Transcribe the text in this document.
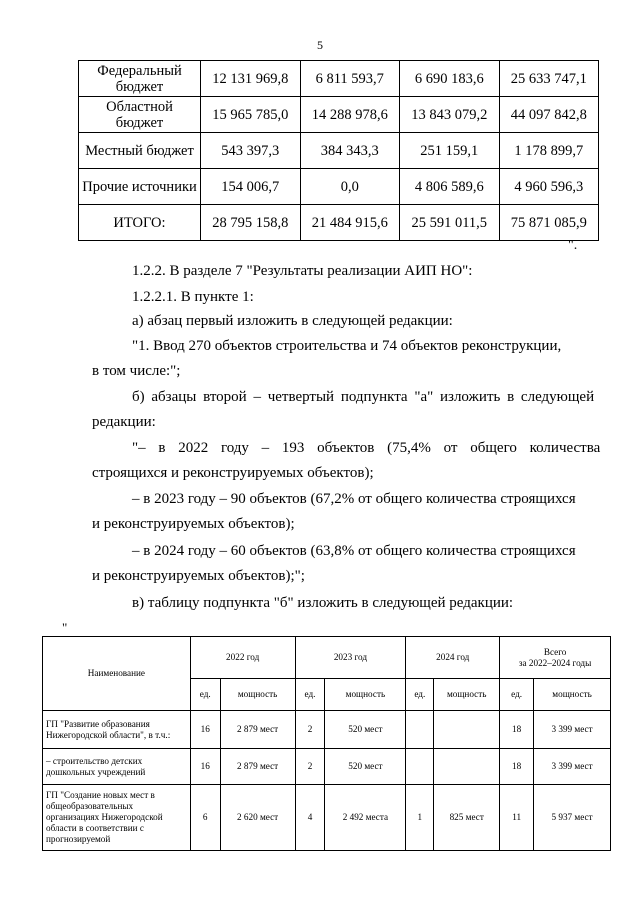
5
Федеральный бюджет	12 131 969,8	6 811 593,7	6 690 183,6	25 633 747,1
Областной бюджет	15 965 785,0	14 288 978,6	13 843 079,2	44 097 842,8
Местный бюджет	543 397,3	384 343,3	251 159,1	1 178 899,7
Прочие источники	154 006,7	0,0	4 806 589,6	4 960 596,3
ИТОГО:	28 795 158,8	21 484 915,6	25 591 011,5	75 871 085,9
".
1.2.2. В разделе 7 "Результаты реализации АИП НО":
1.2.2.1. В пункте 1:
а) абзац первый изложить в следующей редакции:
"1. Ввод 270 объектов строительства и 74 объектов реконструкции,
в том числе:";
б) абзацы второй – четвертый подпункта "а" изложить в следующей
редакции:
"– в 2022 году – 193 объектов (75,4% от общего количества
строящихся и реконструируемых объектов);
– в 2023 году – 90 объектов (67,2% от общего количества строящихся
и реконструируемых объектов);
– в 2024 году – 60 объектов (63,8% от общего количества строящихся
и реконструируемых объектов);";
в) таблицу подпункта "б" изложить в следующей редакции:
"
Наименование	2022 год		2023 год		2024 год		Всего
за 2022–2024 годы	

	ед.	мощность	ед.	мощность	ед.	мощность	ед.	мощность
ГП "Развитие образования Нижегородской области", в т.ч.:	16	2 879 мест	2	520 мест			18	3 399 мест
– строительство детских дошкольных учреждений	16	2 879 мест	2	520 мест			18	3 399 мест
ГП "Создание новых мест в общеобразовательных организациях Нижегородской области в соответствии с прогнозируемой	6	2 620 мест	4	2 492 места	1	825 мест	11	5 937 мест
